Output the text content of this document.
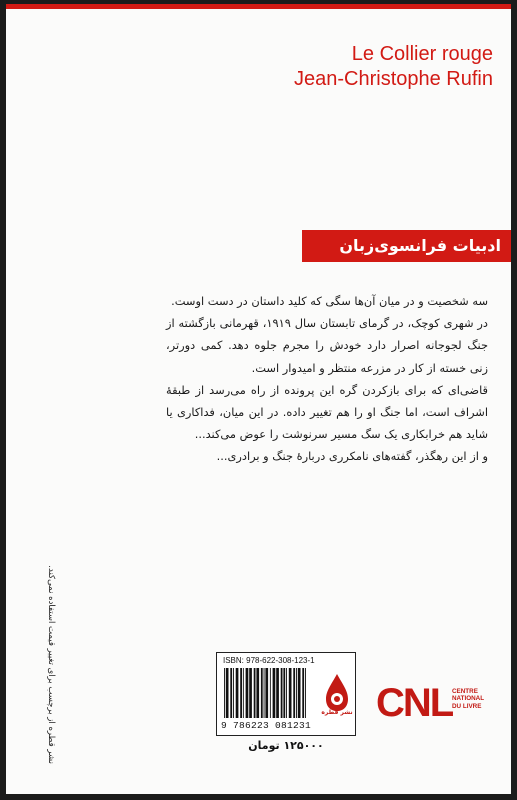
Le Collier rouge
Jean-Christophe Rufin
ادبیات فرانسوی‌زبان

سه شخصیت و در میان آن‌ها سگی که کلید داستان در دست اوست.

در شهری کوچک، در گرمای تابستان سال ۱۹۱۹، قهرمانی بازگشته از جنگ لجوجانه اصرار دارد خودش را مجرم جلوه دهد. کمی دورتر، زنی خسته از کار در مزرعه منتظر و امیدوار است.

قاضی‌ای که برای بازکردن گره این پرونده از راه می‌رسد از طبقهٔ اشراف است، اما جنگ او را هم تغییر داده. در این میان، فداکاری یا شاید هم خرابکاری یک سگ مسیر سرنوشت را عوض می‌کند...

و از این رهگذر، گفته‌های نامکرری دربارهٔ جنگ و برادری...

نشر قطره از برچسب برای تغییر قیمت استفاده نمی‌کند.	ISBN: 978-622-308-123-1
9 786223 081231
نشر قطره
۱۲۵۰۰۰ تومان
CNL CENTRE
NATIONAL
DU LIVRE
